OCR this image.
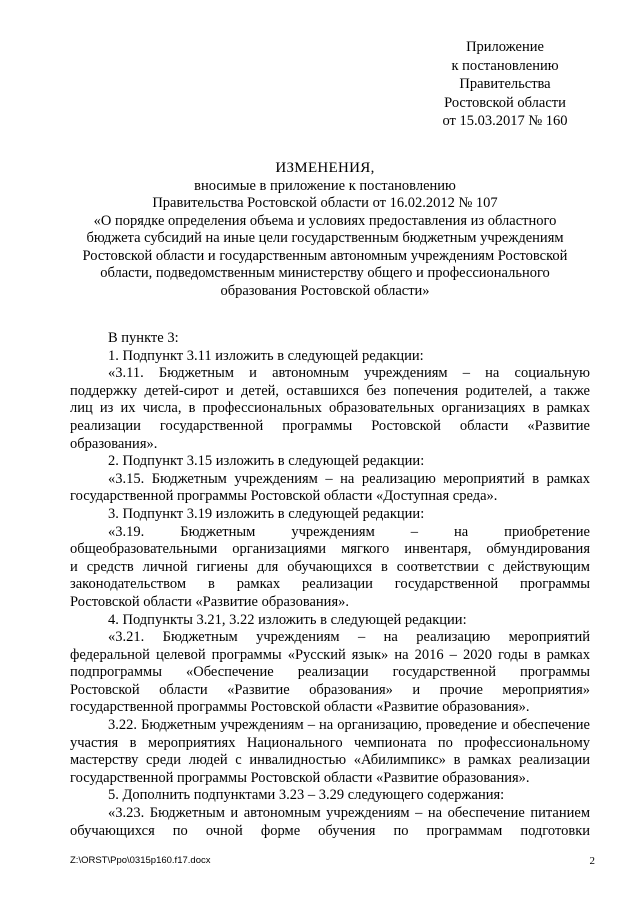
Приложение
к постановлению
Правительства
Ростовской области
от 15.03.2017 № 160
ИЗМЕНЕНИЯ,
вносимые в приложение к постановлению
Правительства Ростовской области от 16.02.2012 № 107
«О порядке определения объема и условиях предоставления из областного
бюджета субсидий на иные цели государственным бюджетным учреждениям
Ростовской области и государственным автономным учреждениям Ростовской
области, подведомственным министерству общего и профессионального
образования Ростовской области»
В пункте 3:
1. Подпункт 3.11 изложить в следующей редакции:
«3.11. Бюджетным и автономным учреждениям – на социальную
поддержку детей-сирот и детей, оставшихся без попечения родителей, а также
лиц из их числа, в профессиональных образовательных организациях в рамках
реализации государственной программы Ростовской области «Развитие
образования».
2. Подпункт 3.15 изложить в следующей редакции:
«3.15. Бюджетным учреждениям – на реализацию мероприятий в рамках
государственной программы Ростовской области «Доступная среда».
3. Подпункт 3.19 изложить в следующей редакции:
«3.19. Бюджетным учреждениям – на приобретение
общеобразовательными организациями мягкого инвентаря, обмундирования
и средств личной гигиены для обучающихся в соответствии с действующим
законодательством в рамках реализации государственной программы
Ростовской области «Развитие образования».
4. Подпункты 3.21, 3.22 изложить в следующей редакции:
«3.21. Бюджетным учреждениям – на реализацию мероприятий
федеральной целевой программы «Русский язык» на 2016 – 2020 годы в рамках
подпрограммы «Обеспечение реализации государственной программы
Ростовской области «Развитие образования» и прочие мероприятия»
государственной программы Ростовской области «Развитие образования».
3.22. Бюджетным учреждениям – на организацию, проведение и обеспечение
участия в мероприятиях Национального чемпионата по профессиональному
мастерству среди людей с инвалидностью «Абилимпикс» в рамках реализации
государственной программы Ростовской области «Развитие образования».
5. Дополнить подпунктами 3.23 – 3.29 следующего содержания:
«3.23. Бюджетным и автономным учреждениям – на обеспечение питанием
обучающихся по очной форме обучения по программам подготовки
Z:\ORST\Ppo\0315p160.f17.docx	2
